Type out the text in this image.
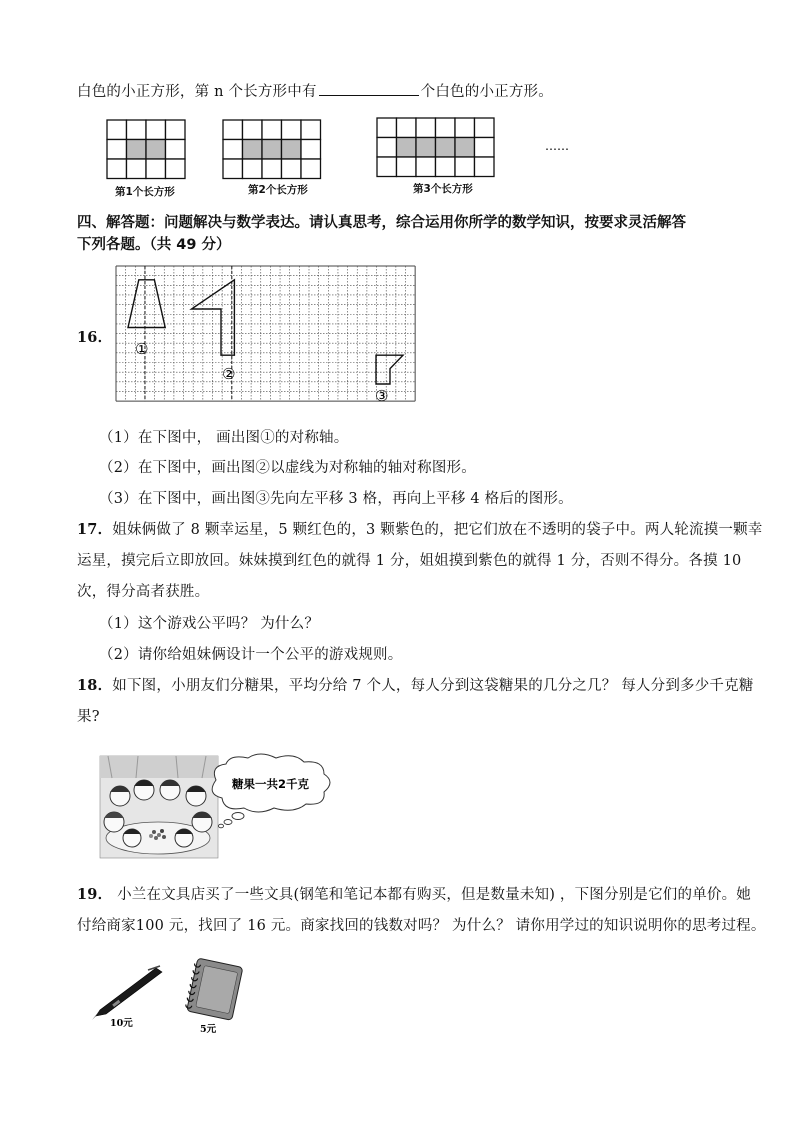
白色的小正方形，第 n 个长方形中有	个白色的小正方形。
……
第1个长方形	第2个长方形	第3个长方形
四、解答题：问题解决与数学表达。请认真思考，综合运用你所学的数学知识，按要求灵活解答
下列各题。（共 49 分）
16．
①
②
③
（1）在下图中， 画出图①的对称轴。
（2）在下图中，画出图②以虚线为对称轴的轴对称图形。
（3）在下图中，画出图③先向左平移 3 格，再向上平移 4 格后的图形。
17．姐妹俩做了 8 颗幸运星，5 颗红色的，3 颗紫色的，把它们放在不透明的袋子中。两人轮流摸一颗幸
运星，摸完后立即放回。妹妹摸到红色的就得 1 分，姐姐摸到紫色的就得 1 分，否则不得分。各摸 10
次，得分高者获胜。
（1）这个游戏公平吗？ 为什么？
（2）请你给姐妹俩设计一个公平的游戏规则。
18．如下图，小朋友们分糖果，平均分给 7 个人，每人分到这袋糖果的几分之几？ 每人分到多少千克糖
果?
糖果一共2千克
19． 小兰在文具店买了一些文具(钢笔和笔记本都有购买，但是数量未知) ，下图分别是它们的单价。她
付给商家100 元，找回了 16 元。商家找回的钱数对吗？ 为什么？ 请你用学过的知识说明你的思考过程。
10元
5元
